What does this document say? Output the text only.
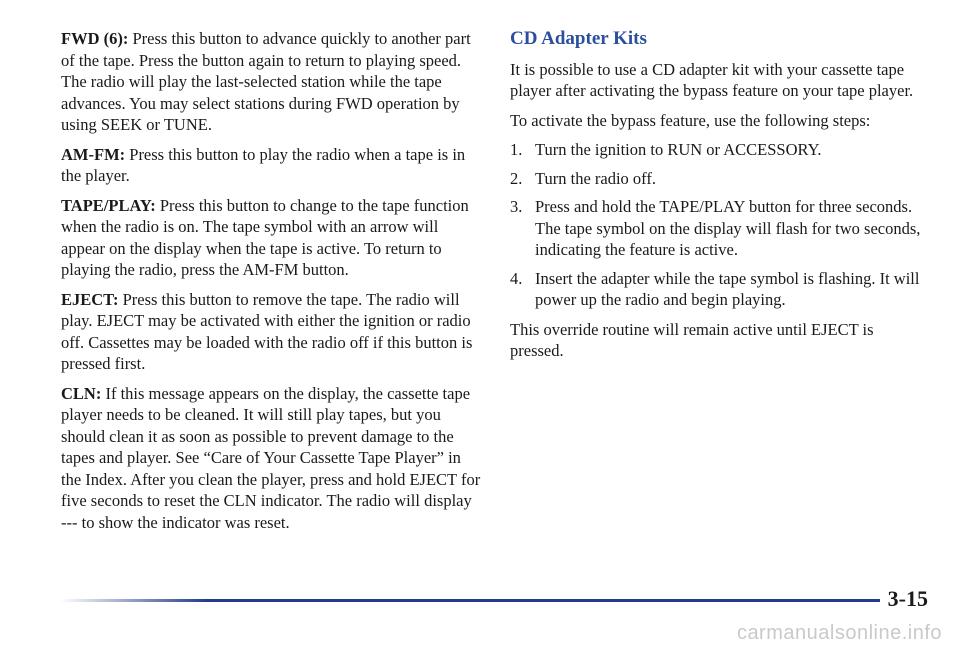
FWD (6): Press this button to advance quickly to another part of the tape. Press the button again to return to playing speed. The radio will play the last-selected station while the tape advances. You may select stations during FWD operation by using SEEK or TUNE.

AM-FM: Press this button to play the radio when a tape is in the player.

TAPE/PLAY: Press this button to change to the tape function when the radio is on. The tape symbol with an arrow will appear on the display when the tape is active. To return to playing the radio, press the AM-FM button.

EJECT: Press this button to remove the tape. The radio will play. EJECT may be activated with either the ignition or radio off. Cassettes may be loaded with the radio off if this button is pressed first.

CLN: If this message appears on the display, the cassette tape player needs to be cleaned. It will still play tapes, but you should clean it as soon as possible to prevent damage to the tapes and player. See “Care of Your Cassette Tape Player” in the Index. After you clean the player, press and hold EJECT for five seconds to reset the CLN indicator. The radio will display --- to show the indicator was reset.

CD Adapter Kits

It is possible to use a CD adapter kit with your cassette tape player after activating the bypass feature on your tape player.

To activate the bypass feature, use the following steps:

1. Turn the ignition to RUN or ACCESSORY.
2. Turn the radio off.
3. Press and hold the TAPE/PLAY button for three seconds. The tape symbol on the display will flash for two seconds, indicating the feature is active.
4. Insert the adapter while the tape symbol is flashing. It will power up the radio and begin playing.

This override routine will remain active until EJECT is pressed.

3-15
carmanualsonline.info
